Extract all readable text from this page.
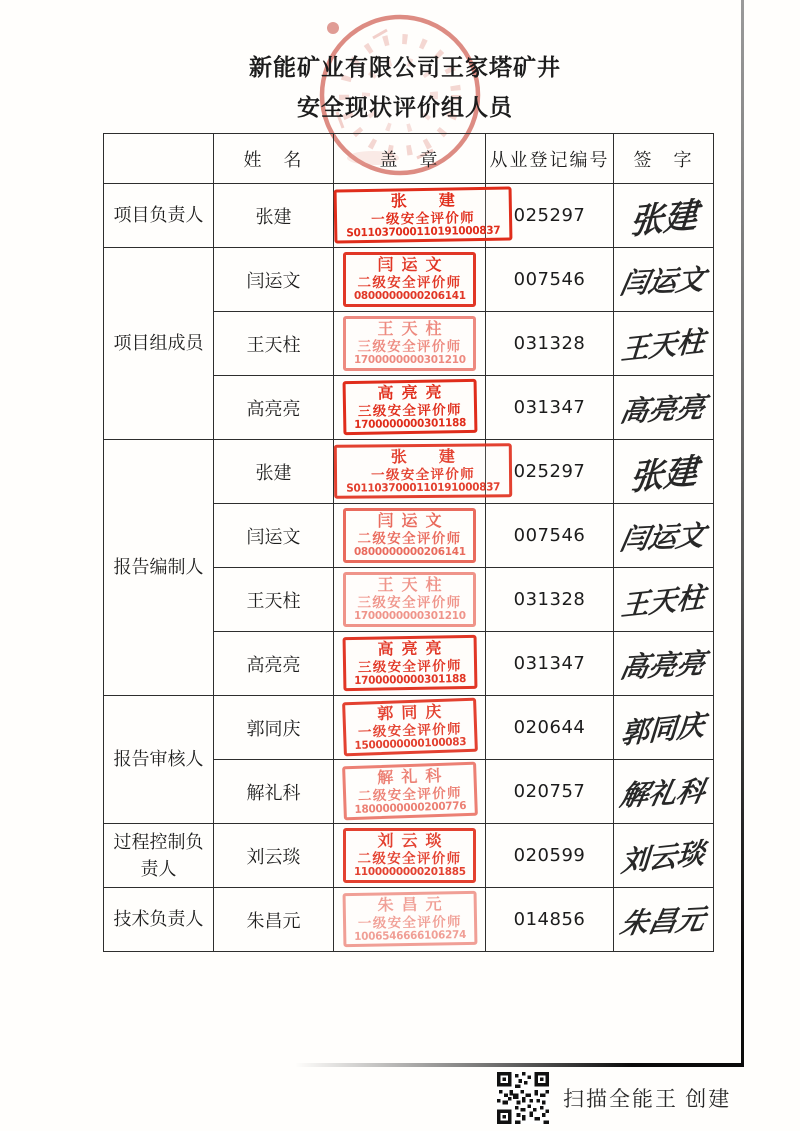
新能矿业有限公司王家塔矿井
安全现状评价组人员
	姓　名	盖　章	从业登记编号	签　字
项目负责人	张建	张　建
一级安全评价师
S011037000110191000837	025297	张建
项目组成员	闫运文	闫运文
二级安全评价师
0800000000206141	007546	闫运文
	王天柱	王天柱
三级安全评价师
1700000000301210	031328	王天柱
	高亮亮	高亮亮
三级安全评价师
1700000000301188	031347	高亮亮
报告编制人	张建	张　建
一级安全评价师
S011037000110191000837	025297	张建
	闫运文	闫运文
二级安全评价师
0800000000206141	007546	闫运文
	王天柱	王天柱
三级安全评价师
1700000000301210	031328	王天柱
	高亮亮	高亮亮
三级安全评价师
1700000000301188	031347	高亮亮
报告审核人	郭同庆	郭同庆
一级安全评价师
1500000000100083	020644	郭同庆
	解礼科	解礼科
二级安全评价师
1800000000200776	020757	解礼科
过程控制负责人	刘云琰	刘云琰
二级安全评价师
1100000000201885	020599	刘云琰
技术负责人	朱昌元	朱昌元
一级安全评价师
1006546666106274	014856	朱昌元
扫描全能王 创建
